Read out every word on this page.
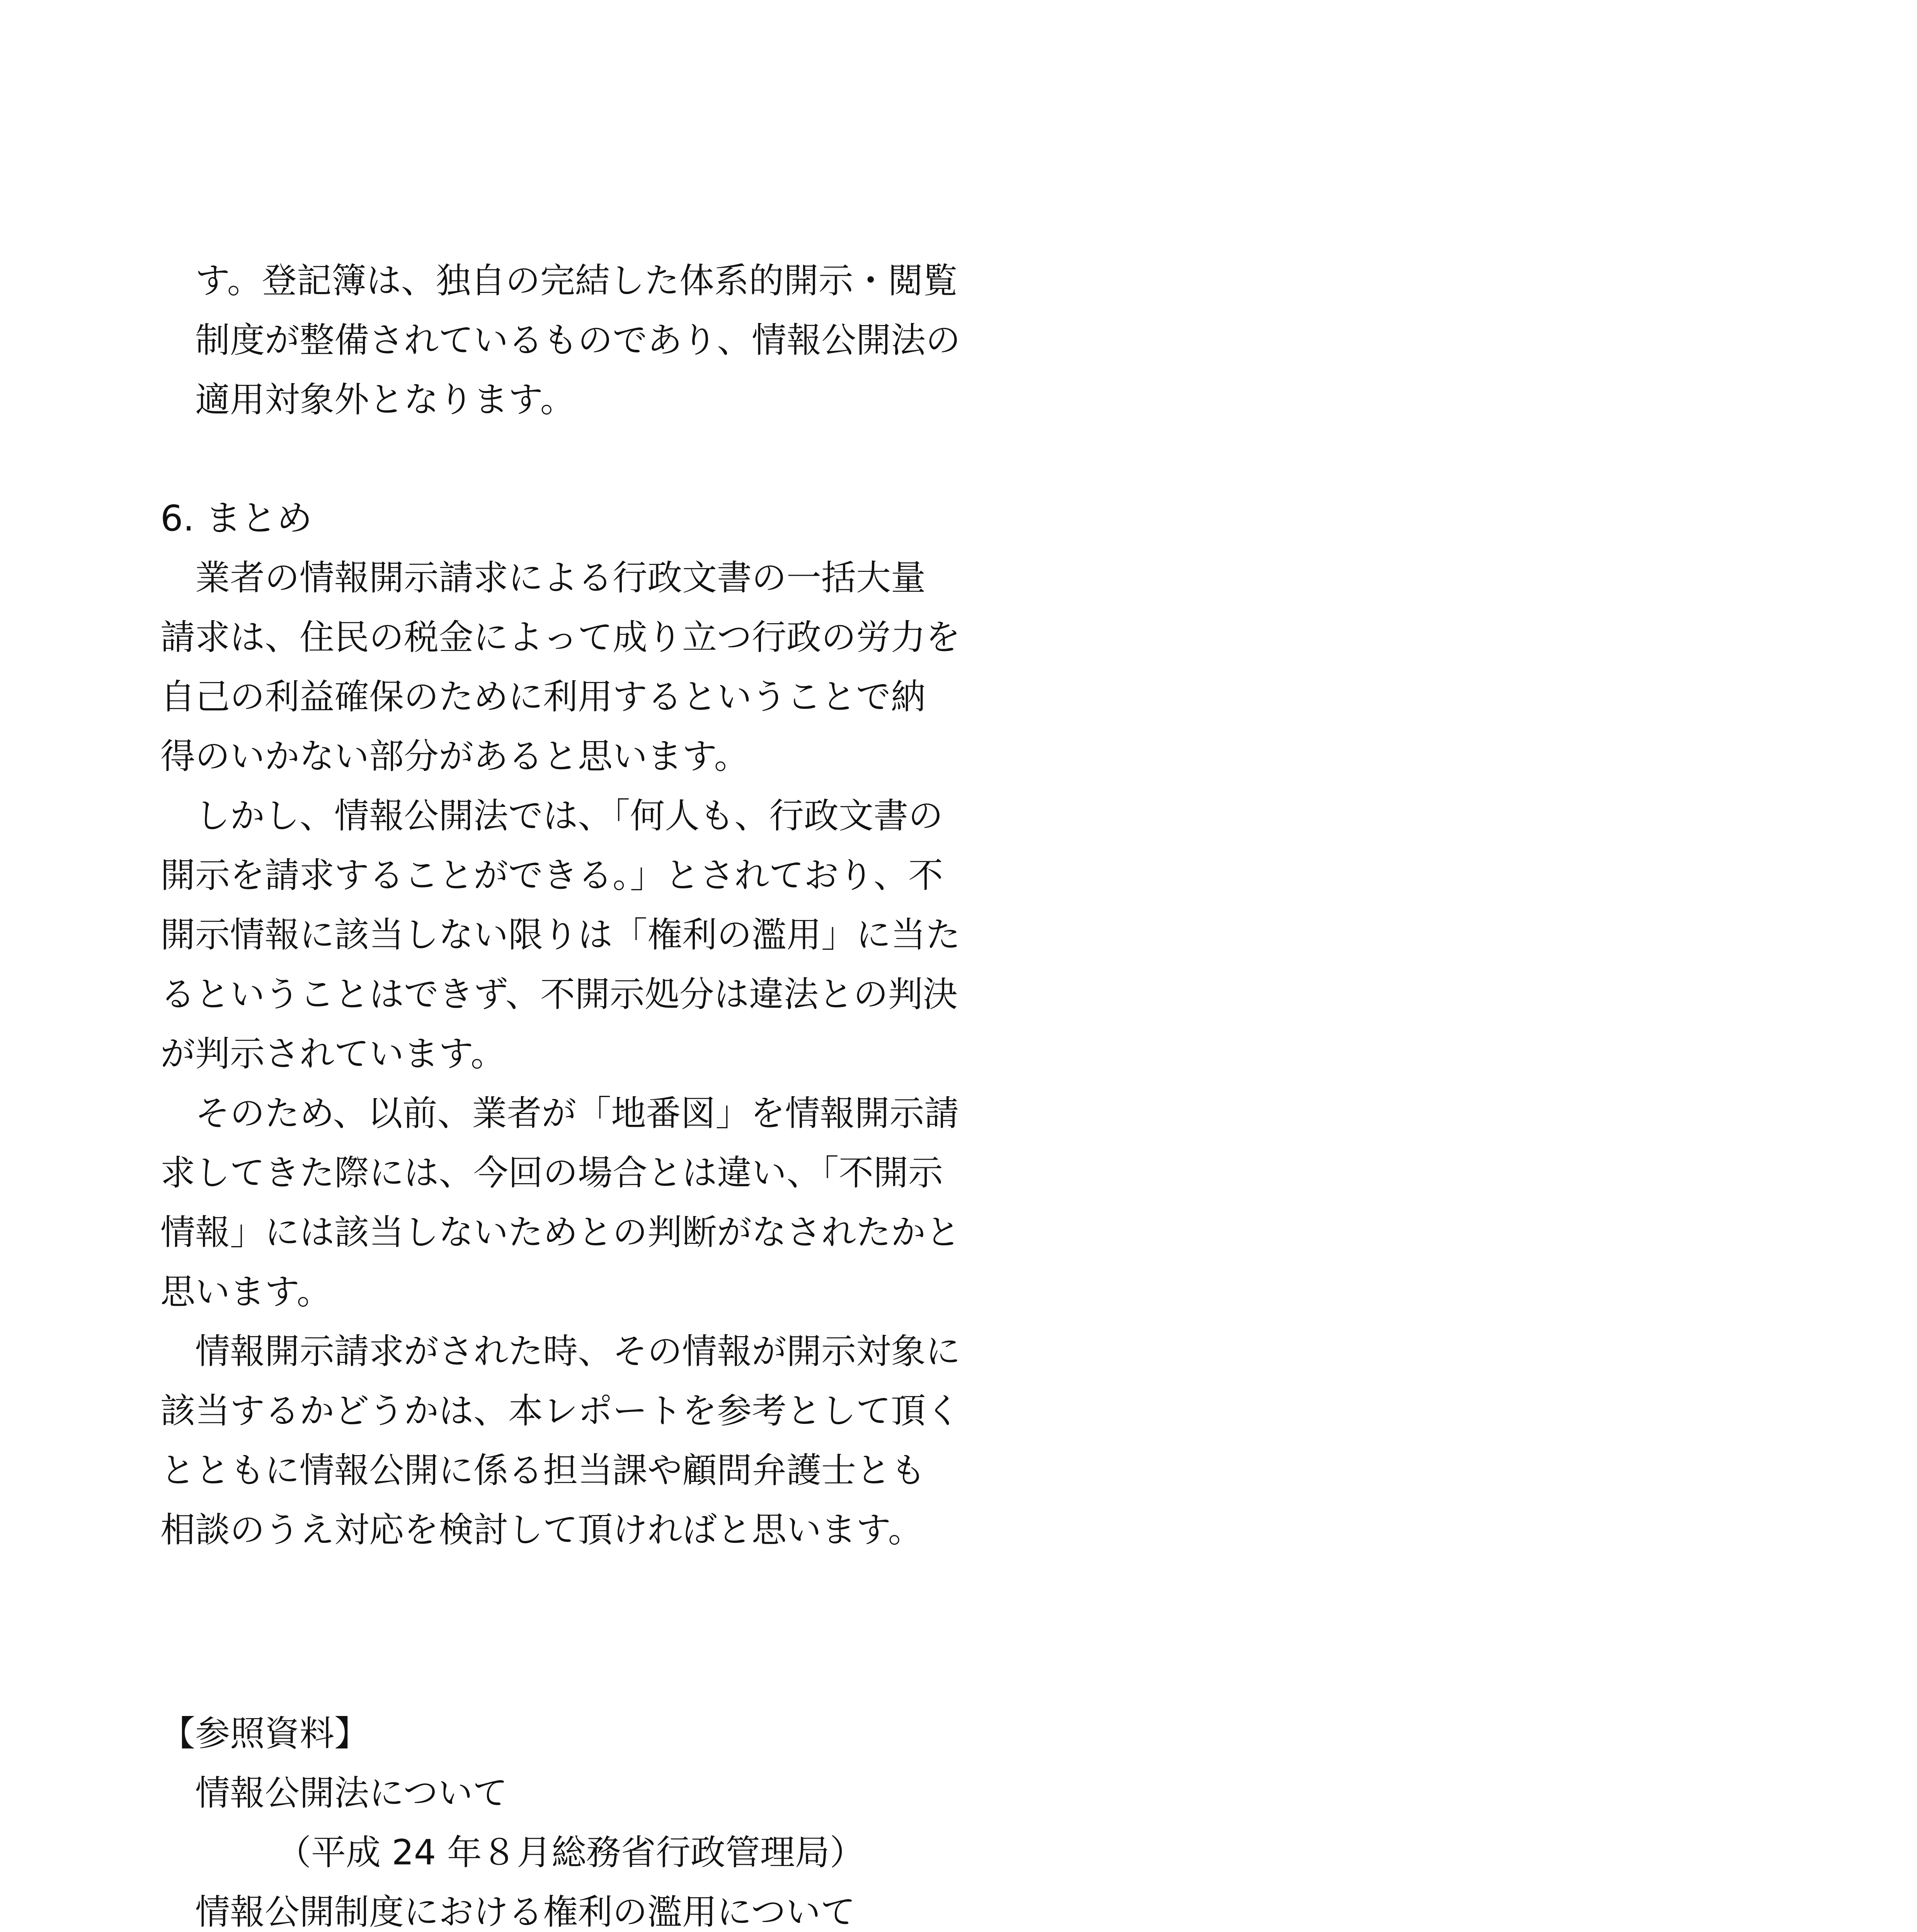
す。登記簿は、独自の完結した体系的開示・閲覧

制度が整備されているものであり、情報公開法の

適用対象外となります。

6. まとめ

業者の情報開示請求による行政文書の一括大量

請求は、住民の税金によって成り立つ行政の労力を

自己の利益確保のために利用するということで納

得のいかない部分があると思います。

しかし、情報公開法では、「何人も、行政文書の

開示を請求することができる。」とされており、不

開示情報に該当しない限りは「権利の濫用」に当た

るということはできず、不開示処分は違法との判決

が判示されています。

そのため、以前、業者が「地番図」を情報開示請

求してきた際には、今回の場合とは違い、「不開示

情報」には該当しないためとの判断がなされたかと

思います。

情報開示請求がされた時、その情報が開示対象に

該当するかどうかは、本レポートを参考として頂く

とともに情報公開に係る担当課や顧問弁護士とも

相談のうえ対応を検討して頂ければと思います。

【参照資料】

情報公開法について

（平成 24 年８月総務省行政管理局）

情報公開制度における権利の濫用について
